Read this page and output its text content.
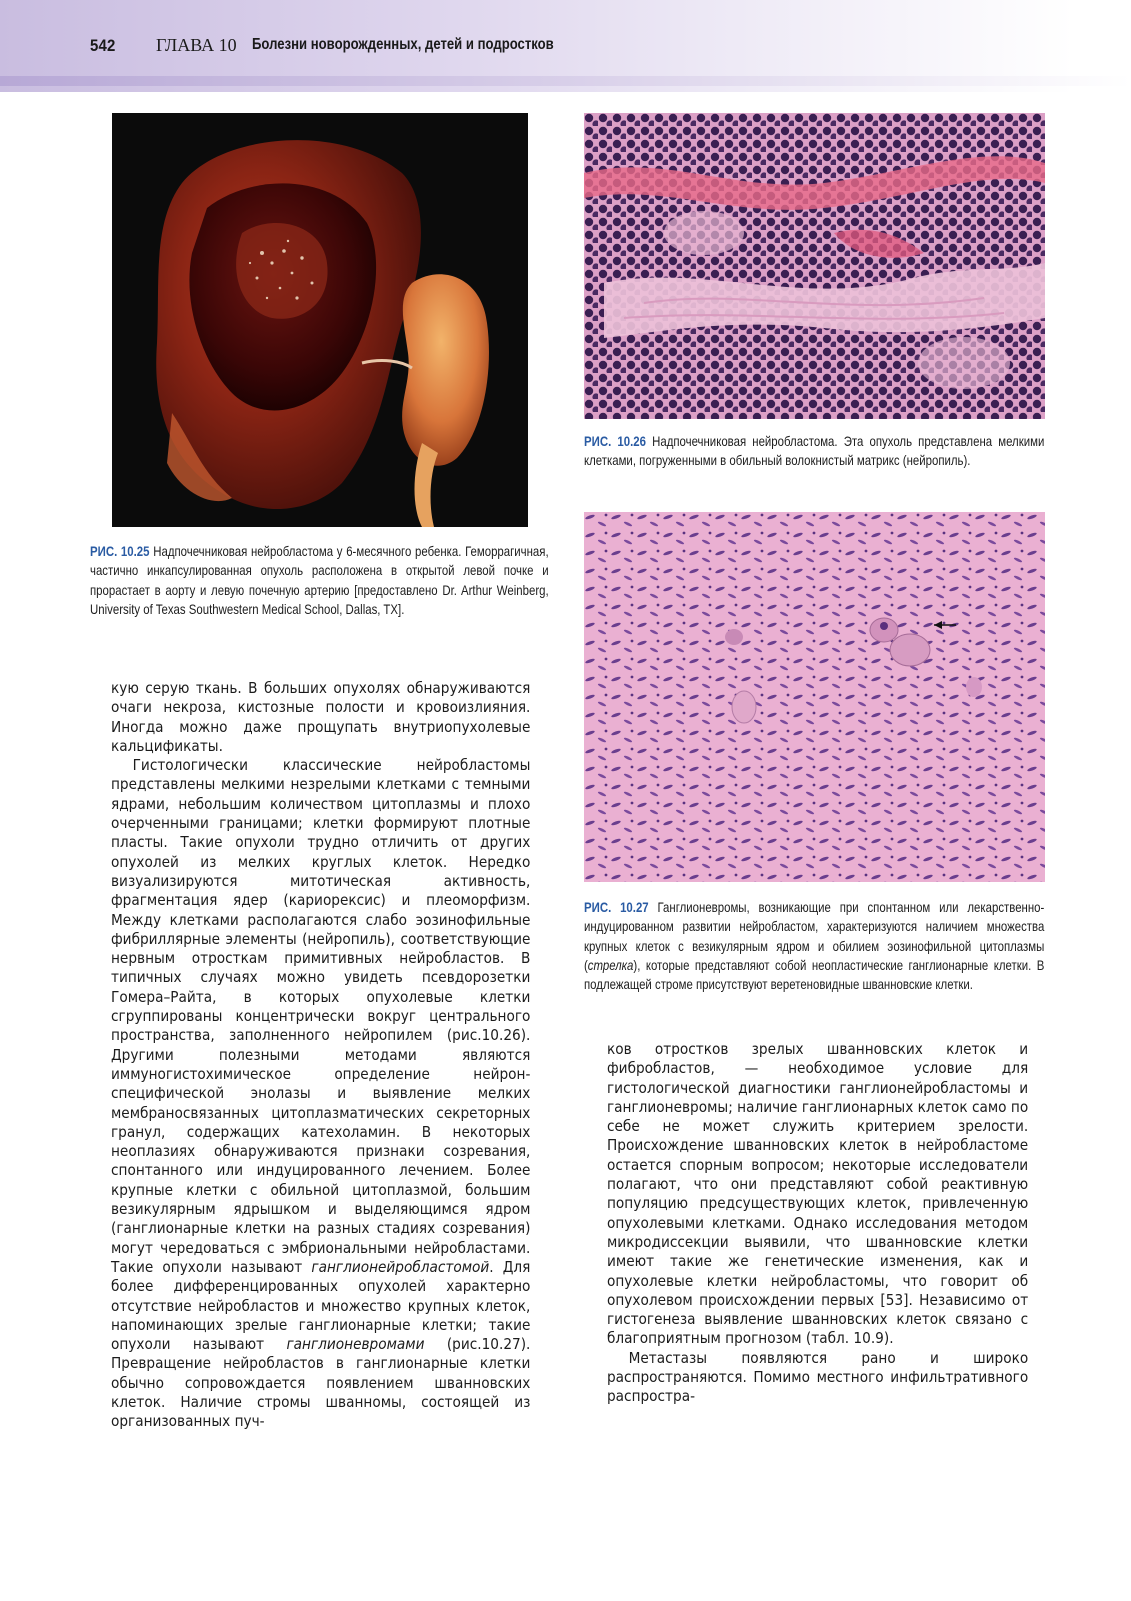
542 ГЛАВА 10 Болезни новорожденных, детей и подростков
РИС. 10.25 Надпочечниковая нейробластома у 6-месячного ребенка. Геморрагичная, частично инкапсулированная опухоль расположена в открытой левой почке и прорастает в аорту и левую почечную артерию [предоставлено Dr. Arthur Weinberg, University of Texas Southwestern Medical School, Dallas, TX].
РИС. 10.26 Надпочечниковая нейробластома. Эта опухоль представлена мелкими клетками, погруженными в обильный волокнистый матрикс (нейропиль).
РИС. 10.27 Ганглионевромы, возникающие при спонтанном или лекарственно-индуцированном развитии нейробластом, характеризуются наличием множества крупных клеток с везикулярным ядром и обилием эозинофильной цитоплазмы (стрелка), которые представляют собой неопластические ганглионарные клетки. В подлежащей строме присутствуют веретеновидные шванновские клетки.

кую серую ткань. В больших опухолях обнаруживаются очаги некроза, кистозные полости и кровоизлияния. Иногда можно даже прощупать внутриопухолевые кальцификаты.

Гистологически классические нейробластомы представлены мелкими незрелыми клетками с темными ядрами, небольшим количеством цитоплазмы и плохо очерченными границами; клетки формируют плотные пласты. Такие опухоли трудно отличить от других опухолей из мелких круглых клеток. Нередко визуализируются митотическая активность, фрагментация ядер (кариорексис) и плеоморфизм. Между клетками располагаются слабо эозинофильные фибриллярные элементы (нейропиль), соответствующие нервным отросткам примитивных нейробластов. В типичных случаях можно увидеть псевдорозетки Гомера–Райта, в которых опухолевые клетки сгруппированы концентрически вокруг центрального пространства, заполненного нейропилем (рис.10.26). Другими полезными методами являются иммуногистохимическое определение нейрон-специфической энолазы и выявление мелких мембраносвязанных цитоплазматических секреторных гранул, содержащих катехоламин. В некоторых неоплазиях обнаруживаются признаки созревания, спонтанного или индуцированного лечением. Более крупные клетки с обильной цитоплазмой, большим везикулярным ядрышком и выделяющимся ядром (ганглионарные клетки на разных стадиях созревания) могут чередоваться с эмбриональными нейробластами. Такие опухоли называют ганглионейробластомой. Для более дифференцированных опухолей характерно отсутствие нейробластов и множество крупных клеток, напоминающих зрелые ганглионарные клетки; такие опухоли называют ганглионевромами (рис.10.27). Превращение нейробластов в ганглионарные клетки обычно сопровождается появлением шванновских клеток. Наличие стромы шванномы, состоящей из организованных пуч-

ков отростков зрелых шванновских клеток и фибробластов, — необходимое условие для гистологической диагностики ганглионейробластомы и ганглионевромы; наличие ганглионарных клеток само по себе не может служить критерием зрелости. Происхождение шванновских клеток в нейробластоме остается спорным вопросом; некоторые исследователи полагают, что они представляют собой реактивную популяцию предсуществующих клеток, привлеченную опухолевыми клетками. Однако исследования методом микродиссекции выявили, что шванновские клетки имеют такие же генетические изменения, как и опухолевые клетки нейробластомы, что говорит об опухолевом происхождении первых [53]. Независимо от гистогенеза выявление шванновских клеток связано с благоприятным прогнозом (табл. 10.9).

Метастазы появляются рано и широко распространяются. Помимо местного инфильтративного распростра-
